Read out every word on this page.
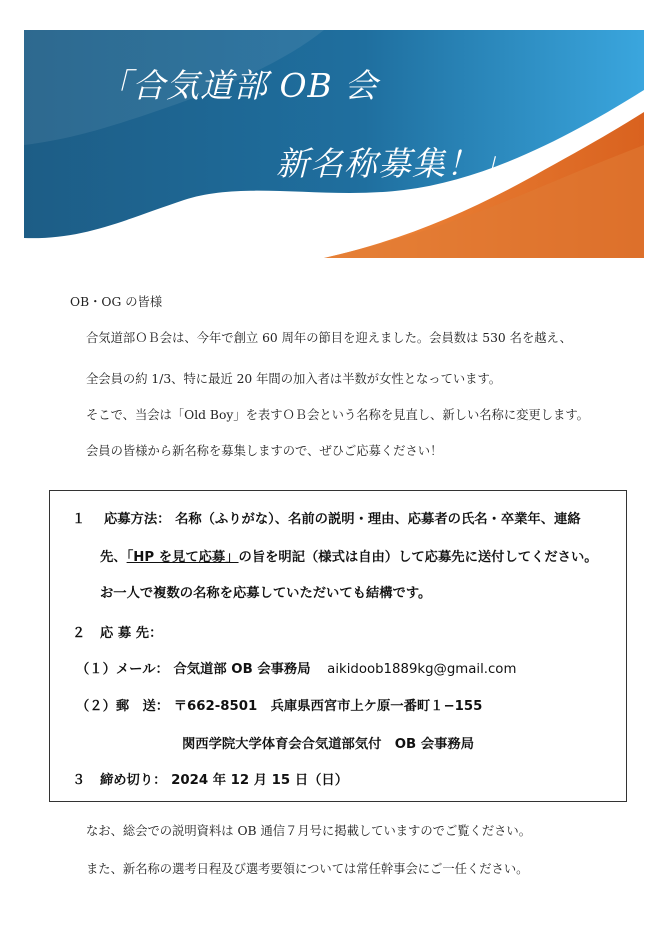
「合気道部 OB 会
新名称募集！」
OB・OG の皆様

合気道部ＯＢ会は、今年で創立 60 周年の節目を迎えました。会員数は 530 名を越え、

全会員の約 1/3、特に最近 20 年間の加入者は半数が女性となっています。

そこで、当会は「Old Boy」を表すＯＢ会という名称を見直し、新しい名称に変更します。

会員の皆様から新名称を募集しますので、ぜひご応募ください！

１ 応募方法： 名称（ふりがな）、名前の説明・理由、応募者の氏名・卒業年、連絡
先、「HP を見て応募」の旨を明記（様式は自由）して応募先に送付してください。
お一人で複数の名称を応募していただいても結構です。
２ 応 募 先：
（１）メール： 合気道部 OB 会事務局 aikidoob1889kg@gmail.com
（２）郵　送： 〒662-8501　兵庫県西宮市上ケ原一番町１−155
関西学院大学体育会合気道部気付　OB 会事務局
３ 締め切り： 2024 年 12 月 15 日（日）
なお、総会での説明資料は OB 通信７月号に掲載していますのでご覧ください。
また、新名称の選考日程及び選考要領については常任幹事会にご一任ください。
